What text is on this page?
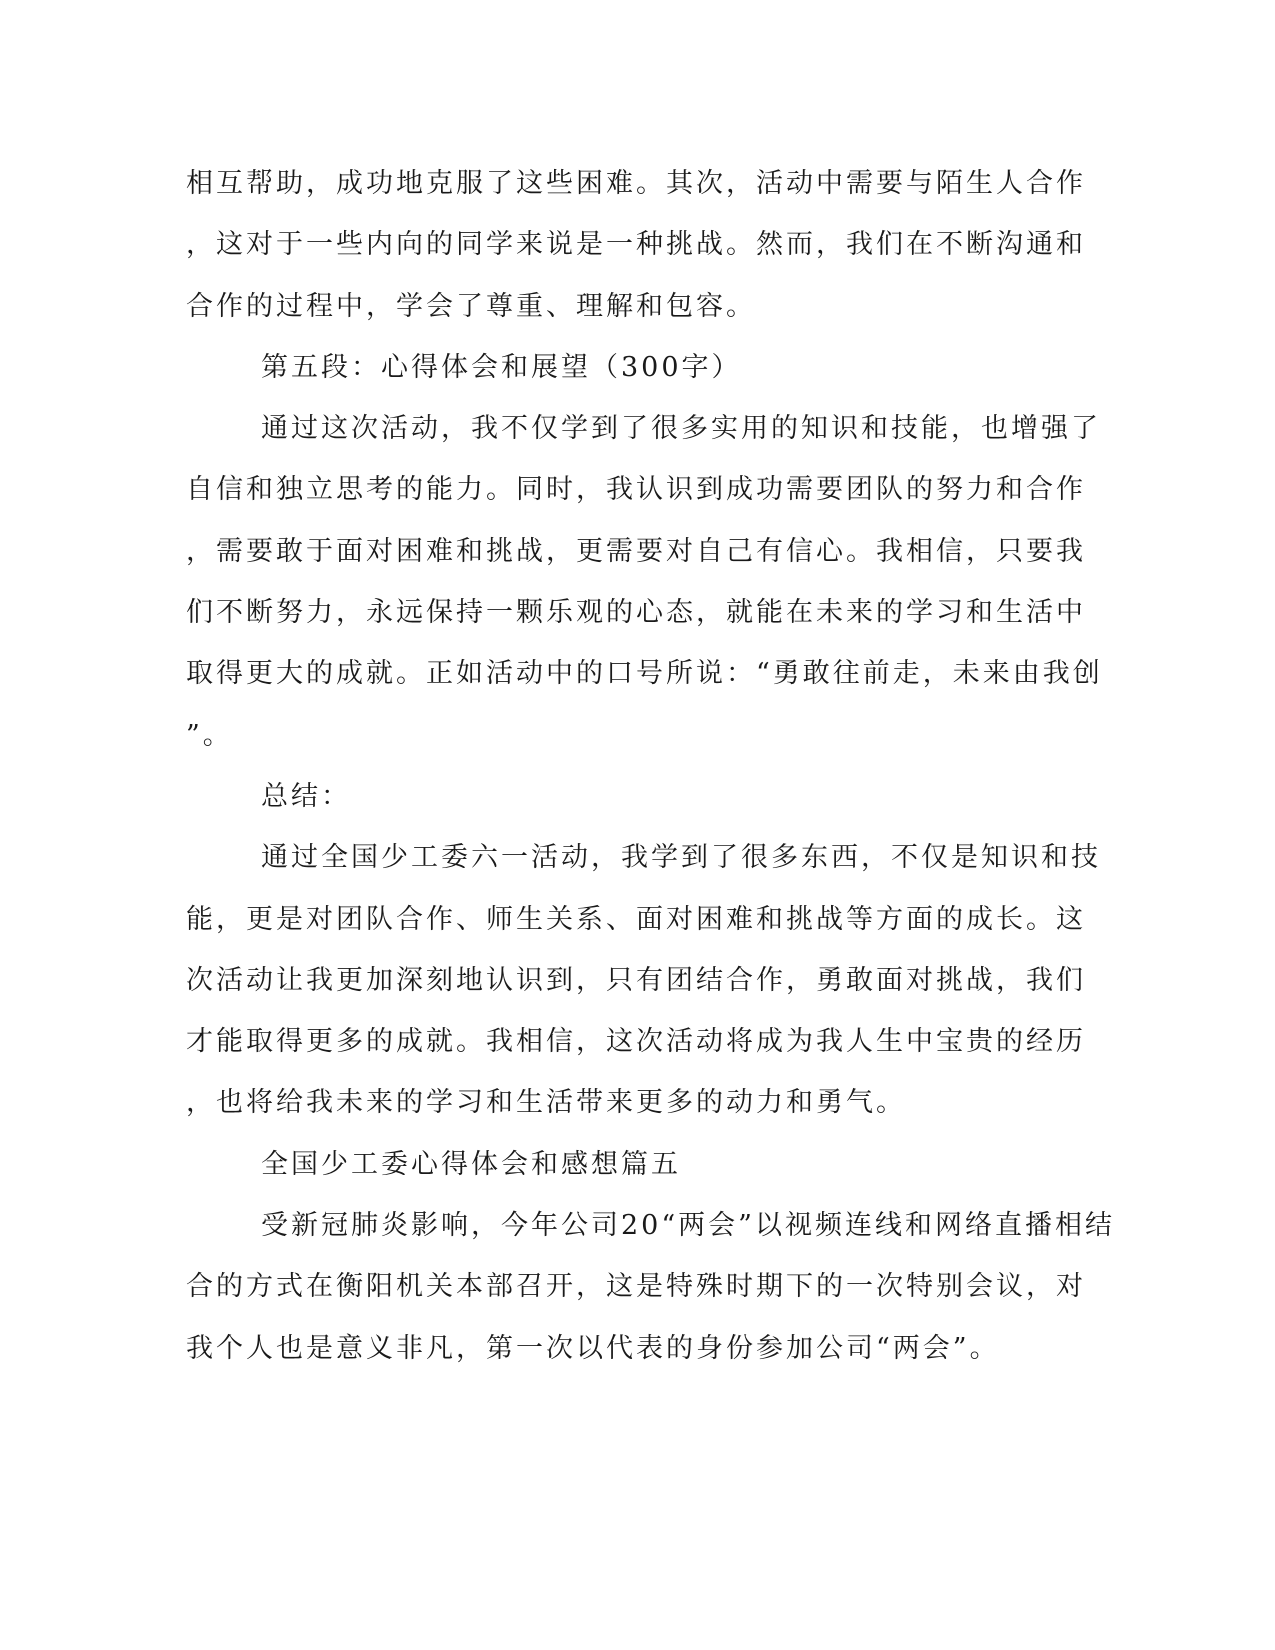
相互帮助，成功地克服了这些困难。其次，活动中需要与陌生人合作
，这对于一些内向的同学来说是一种挑战。然而，我们在不断沟通和
合作的过程中，学会了尊重、理解和包容。
第五段：心得体会和展望（300字）
通过这次活动，我不仅学到了很多实用的知识和技能，也增强了
自信和独立思考的能力。同时，我认识到成功需要团队的努力和合作
，需要敢于面对困难和挑战，更需要对自己有信心。我相信，只要我
们不断努力，永远保持一颗乐观的心态，就能在未来的学习和生活中
取得更大的成就。正如活动中的口号所说：“勇敢往前走，未来由我创
”。
总结：
通过全国少工委六一活动，我学到了很多东西，不仅是知识和技
能，更是对团队合作、师生关系、面对困难和挑战等方面的成长。这
次活动让我更加深刻地认识到，只有团结合作，勇敢面对挑战，我们
才能取得更多的成就。我相信，这次活动将成为我人生中宝贵的经历
，也将给我未来的学习和生活带来更多的动力和勇气。
全国少工委心得体会和感想篇五
受新冠肺炎影响，今年公司20“两会”以视频连线和网络直播相结
合的方式在衡阳机关本部召开，这是特殊时期下的一次特别会议，对
我个人也是意义非凡，第一次以代表的身份参加公司“两会”。
